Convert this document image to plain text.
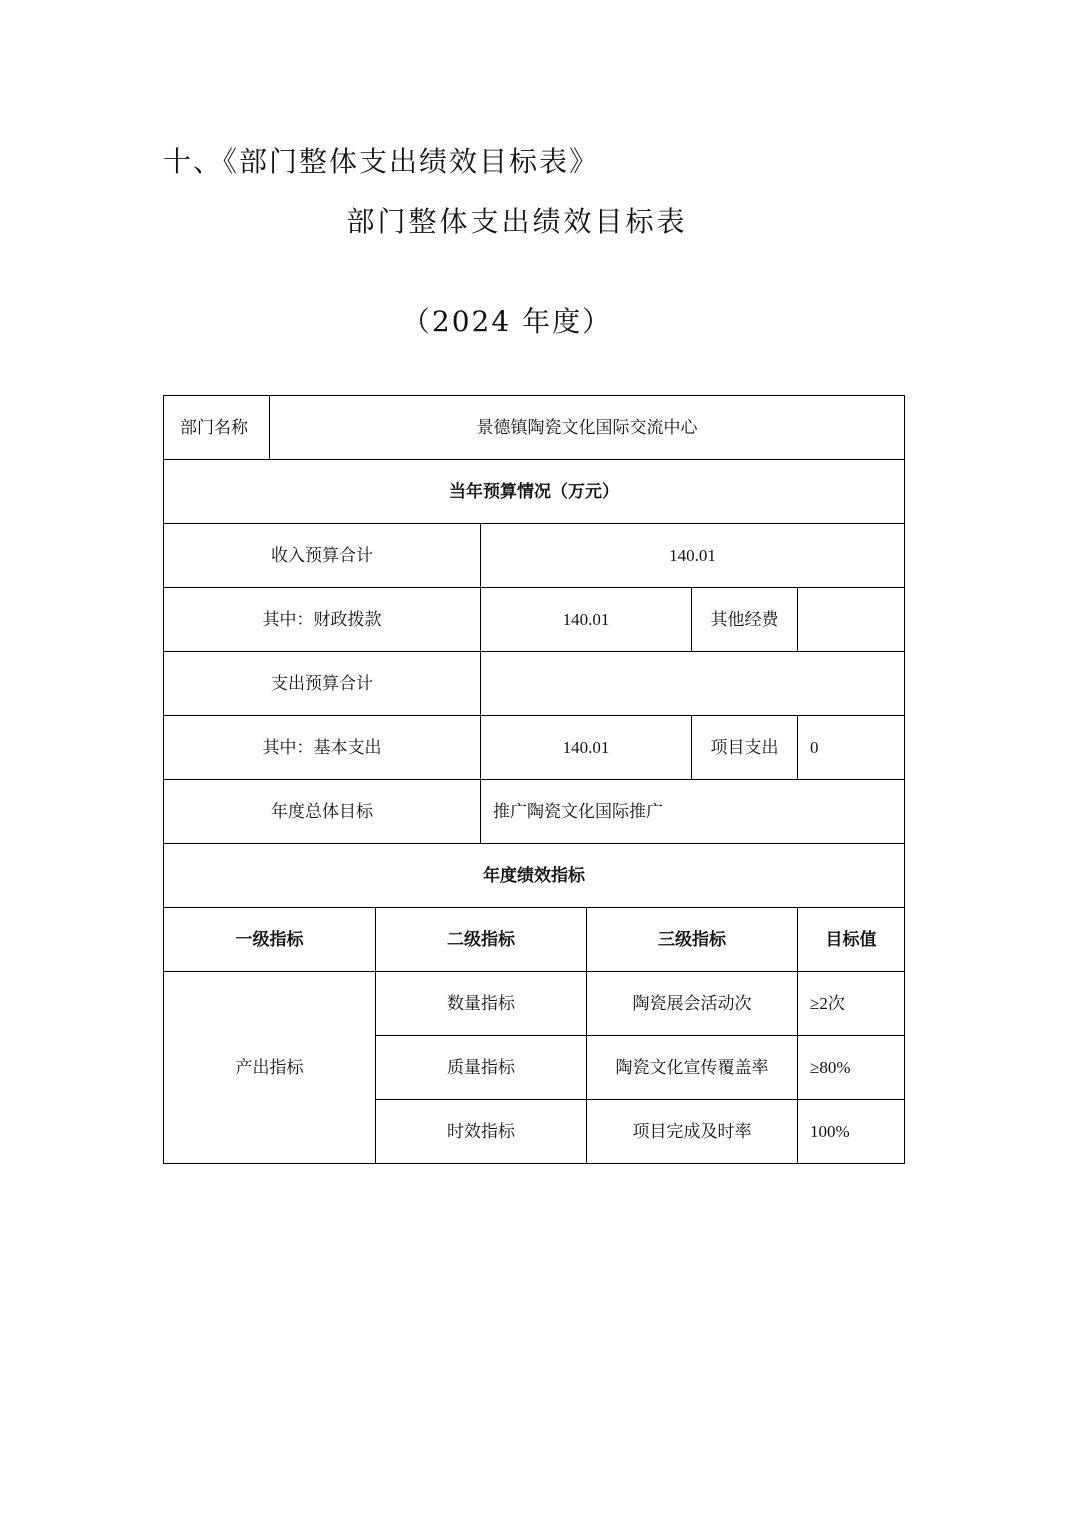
十、《部门整体支出绩效目标表》
部门整体支出绩效目标表
（2024 年度）
部门名称	景德镇陶瓷文化国际交流中心					
当年预算情况（万元）						
收入预算合计			140.01			
其中：财政拨款			140.01		其他经费	
支出预算合计						
其中：基本支出			140.01		项目支出	0
年度总体目标			推广陶瓷文化国际推广			
年度绩效指标						
一级指标		二级指标		三级指标		目标值
产出指标		数量指标		陶瓷展会活动次		≥2次
		质量指标		陶瓷文化宣传覆盖率		≥80%
		时效指标		项目完成及时率		100%
